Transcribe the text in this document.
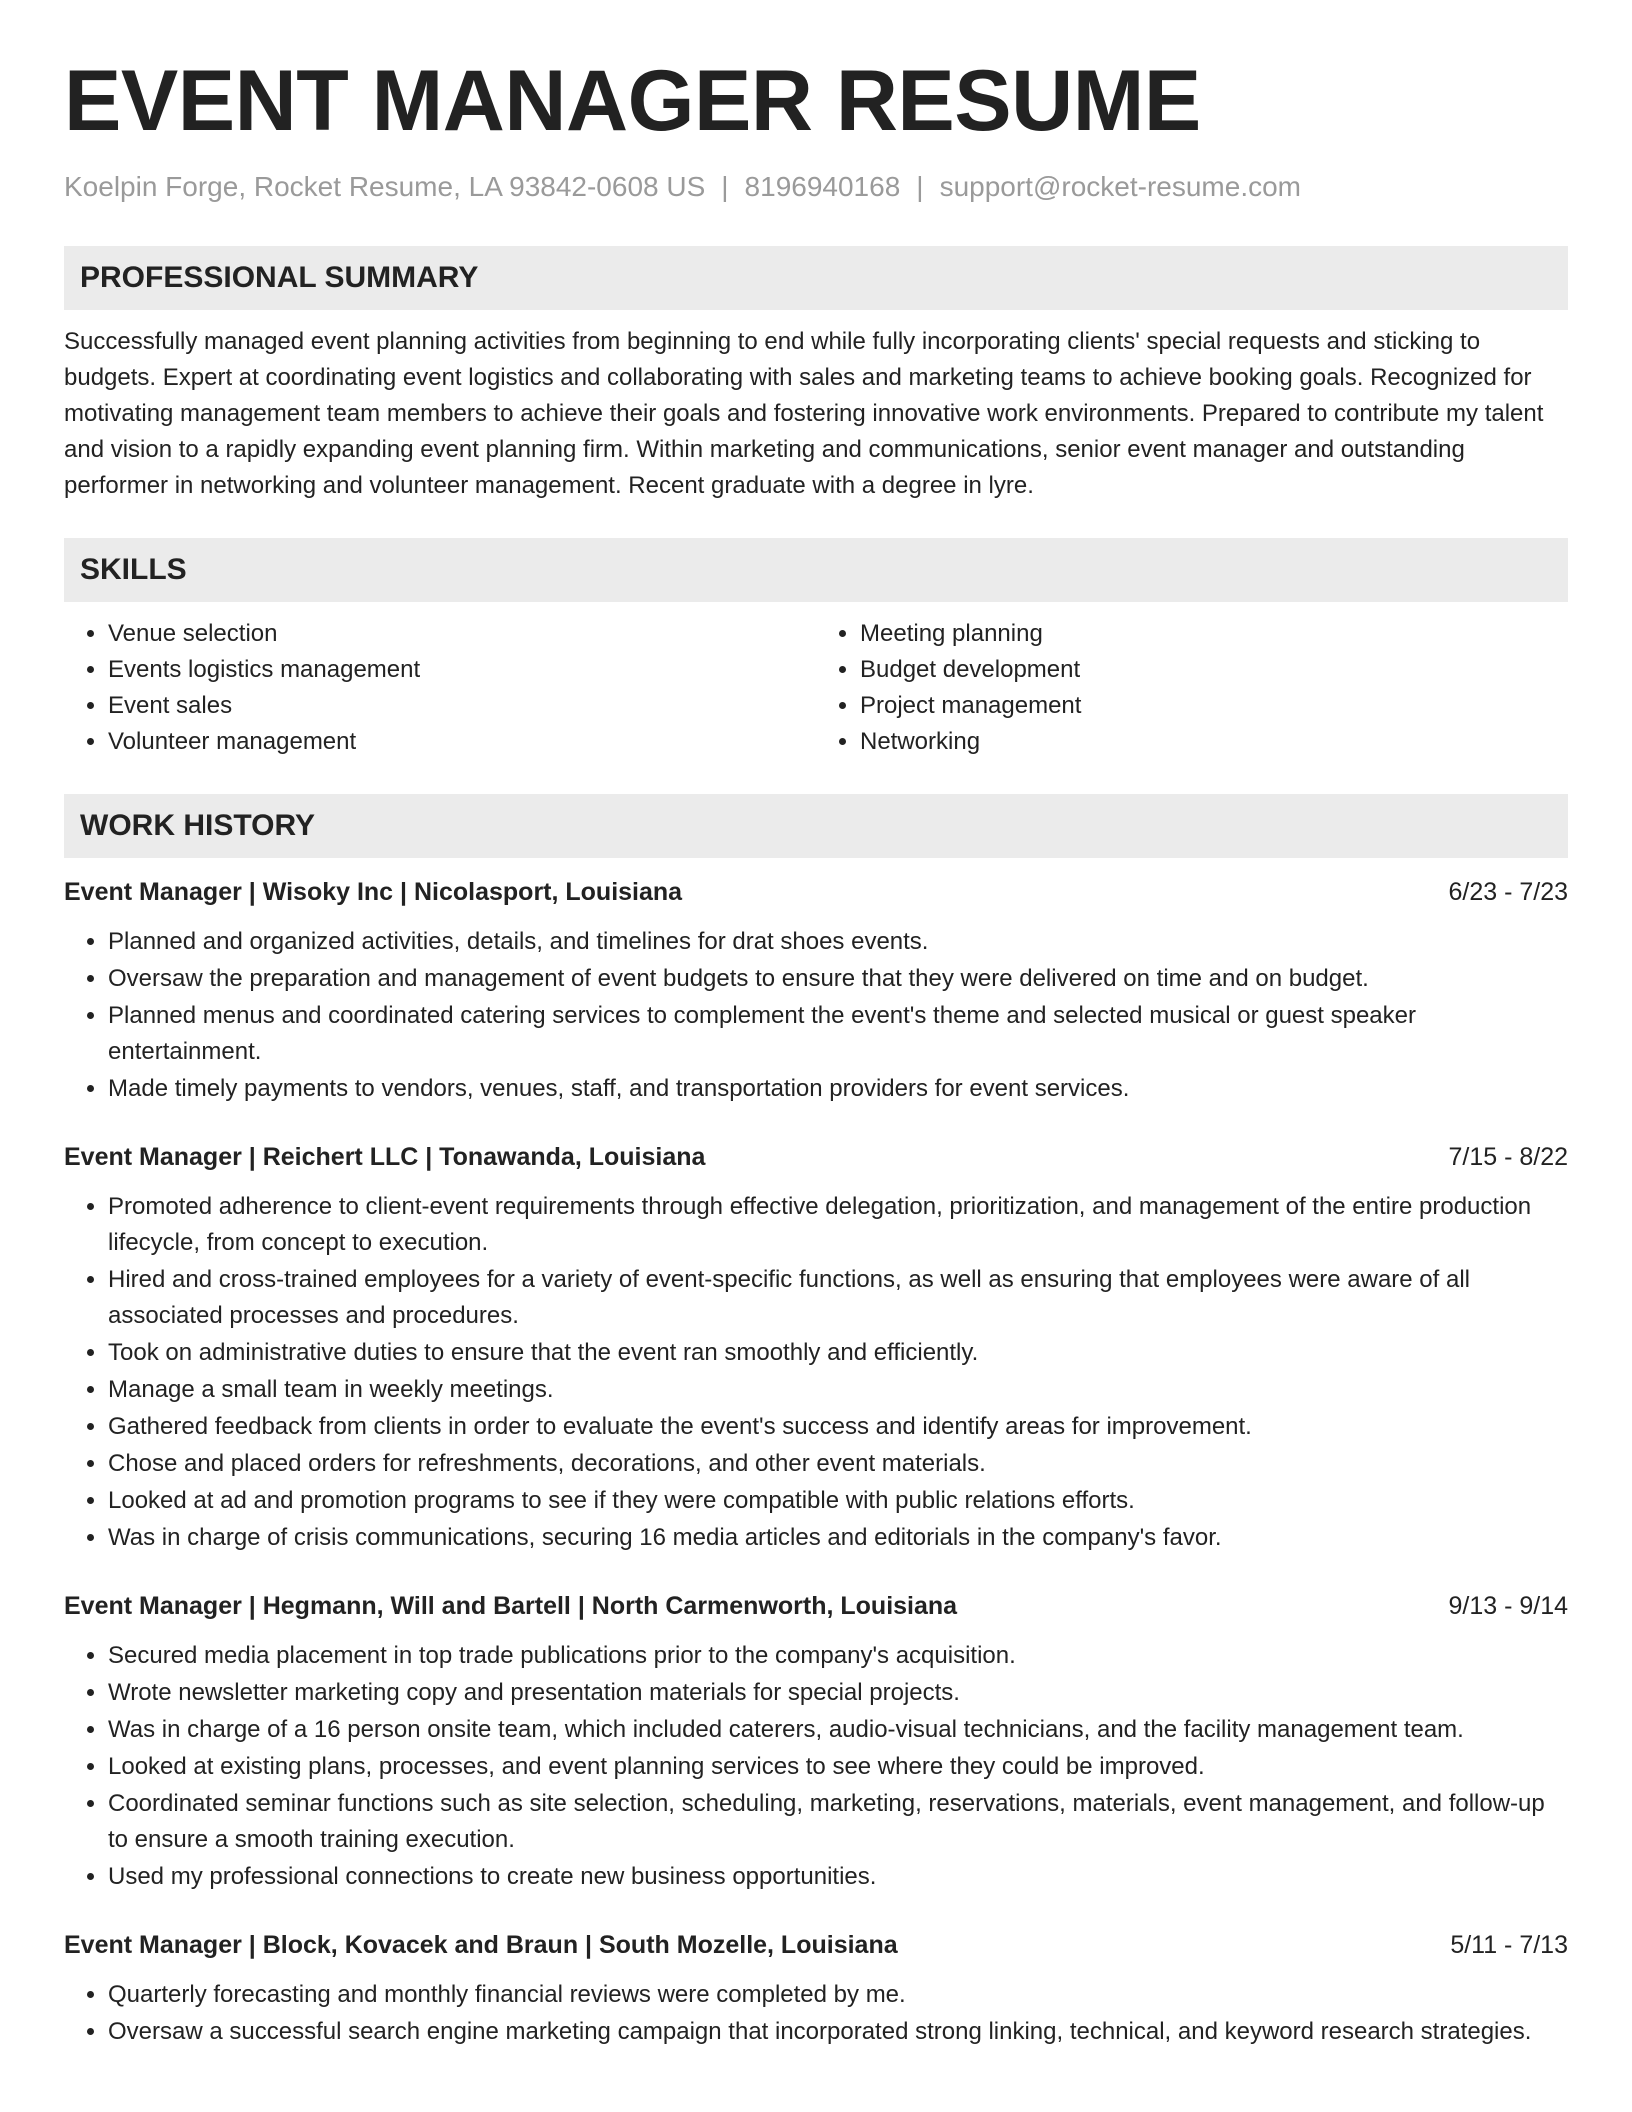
EVENT MANAGER RESUME
Koelpin Forge, Rocket Resume, LA 93842-0608 US | 8196940168 | support@rocket-resume.com
PROFESSIONAL SUMMARY

Successfully managed event planning activities from beginning to end while fully incorporating clients' special requests and sticking to budgets. Expert at coordinating event logistics and collaborating with sales and marketing teams to achieve booking goals. Recognized for motivating management team members to achieve their goals and fostering innovative work environments. Prepared to contribute my talent and vision to a rapidly expanding event planning firm. Within marketing and communications, senior event manager and outstanding performer in networking and volunteer management. Recent graduate with a degree in lyre.

SKILLS
• Venue selection
• Events logistics management
• Event sales
• Volunteer management
• Meeting planning
• Budget development
• Project management
• Networking
WORK HISTORY
Event Manager | Wisoky Inc | Nicolasport, Louisiana	6/23 - 7/23
• Planned and organized activities, details, and timelines for drat shoes events.
• Oversaw the preparation and management of event budgets to ensure that they were delivered on time and on budget.
• Planned menus and coordinated catering services to complement the event's theme and selected musical or guest speaker entertainment.
• Made timely payments to vendors, venues, staff, and transportation providers for event services.
Event Manager | Reichert LLC | Tonawanda, Louisiana	7/15 - 8/22
• Promoted adherence to client-event requirements through effective delegation, prioritization, and management of the entire production lifecycle, from concept to execution.
• Hired and cross-trained employees for a variety of event-specific functions, as well as ensuring that employees were aware of all associated processes and procedures.
• Took on administrative duties to ensure that the event ran smoothly and efficiently.
• Manage a small team in weekly meetings.
• Gathered feedback from clients in order to evaluate the event's success and identify areas for improvement.
• Chose and placed orders for refreshments, decorations, and other event materials.
• Looked at ad and promotion programs to see if they were compatible with public relations efforts.
• Was in charge of crisis communications, securing 16 media articles and editorials in the company's favor.
Event Manager | Hegmann, Will and Bartell | North Carmenworth, Louisiana	9/13 - 9/14
• Secured media placement in top trade publications prior to the company's acquisition.
• Wrote newsletter marketing copy and presentation materials for special projects.
• Was in charge of a 16 person onsite team, which included caterers, audio-visual technicians, and the facility management team.
• Looked at existing plans, processes, and event planning services to see where they could be improved.
• Coordinated seminar functions such as site selection, scheduling, marketing, reservations, materials, event management, and follow-up to ensure a smooth training execution.
• Used my professional connections to create new business opportunities.
Event Manager | Block, Kovacek and Braun | South Mozelle, Louisiana	5/11 - 7/13
• Quarterly forecasting and monthly financial reviews were completed by me.
• Oversaw a successful search engine marketing campaign that incorporated strong linking, technical, and keyword research strategies.
